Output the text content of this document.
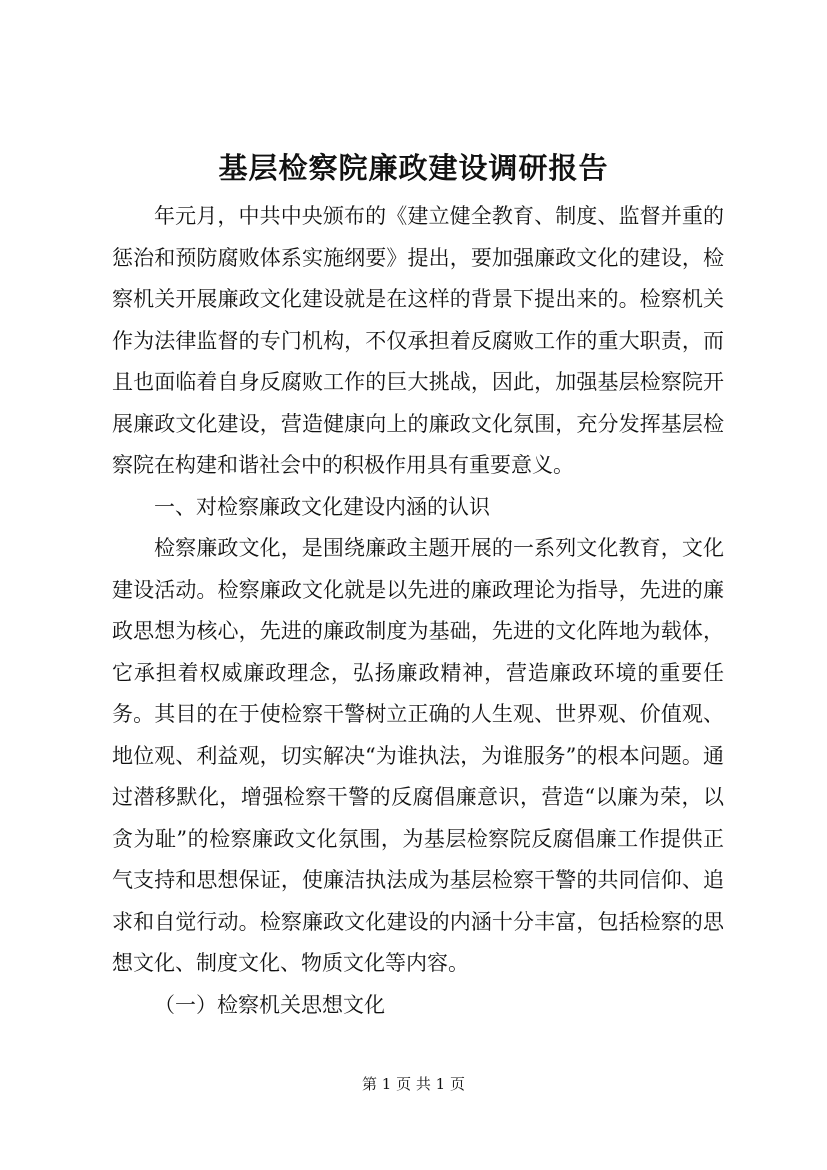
基层检察院廉政建设调研报告

年元月，中共中央颁布的《建立健全教育、制度、监督并重的惩治和预防腐败体系实施纲要》提出，要加强廉政文化的建设，检察机关开展廉政文化建设就是在这样的背景下提出来的。检察机关作为法律监督的专门机构，不仅承担着反腐败工作的重大职责，而且也面临着自身反腐败工作的巨大挑战，因此，加强基层检察院开展廉政文化建设，营造健康向上的廉政文化氛围，充分发挥基层检察院在构建和谐社会中的积极作用具有重要意义。

一、对检察廉政文化建设内涵的认识

检察廉政文化，是围绕廉政主题开展的一系列文化教育，文化建设活动。检察廉政文化就是以先进的廉政理论为指导，先进的廉政思想为核心，先进的廉政制度为基础，先进的文化阵地为载体，它承担着权威廉政理念，弘扬廉政精神，营造廉政环境的重要任务。其目的在于使检察干警树立正确的人生观、世界观、价值观、地位观、利益观，切实解决“为谁执法，为谁服务”的根本问题。通过潜移默化，增强检察干警的反腐倡廉意识，营造“以廉为荣，以贪为耻”的检察廉政文化氛围，为基层检察院反腐倡廉工作提供正气支持和思想保证，使廉洁执法成为基层检察干警的共同信仰、追求和自觉行动。检察廉政文化建设的内涵十分丰富，包括检察的思想文化、制度文化、物质文化等内容。

（一）检察机关思想文化

第 1 页 共 1 页
